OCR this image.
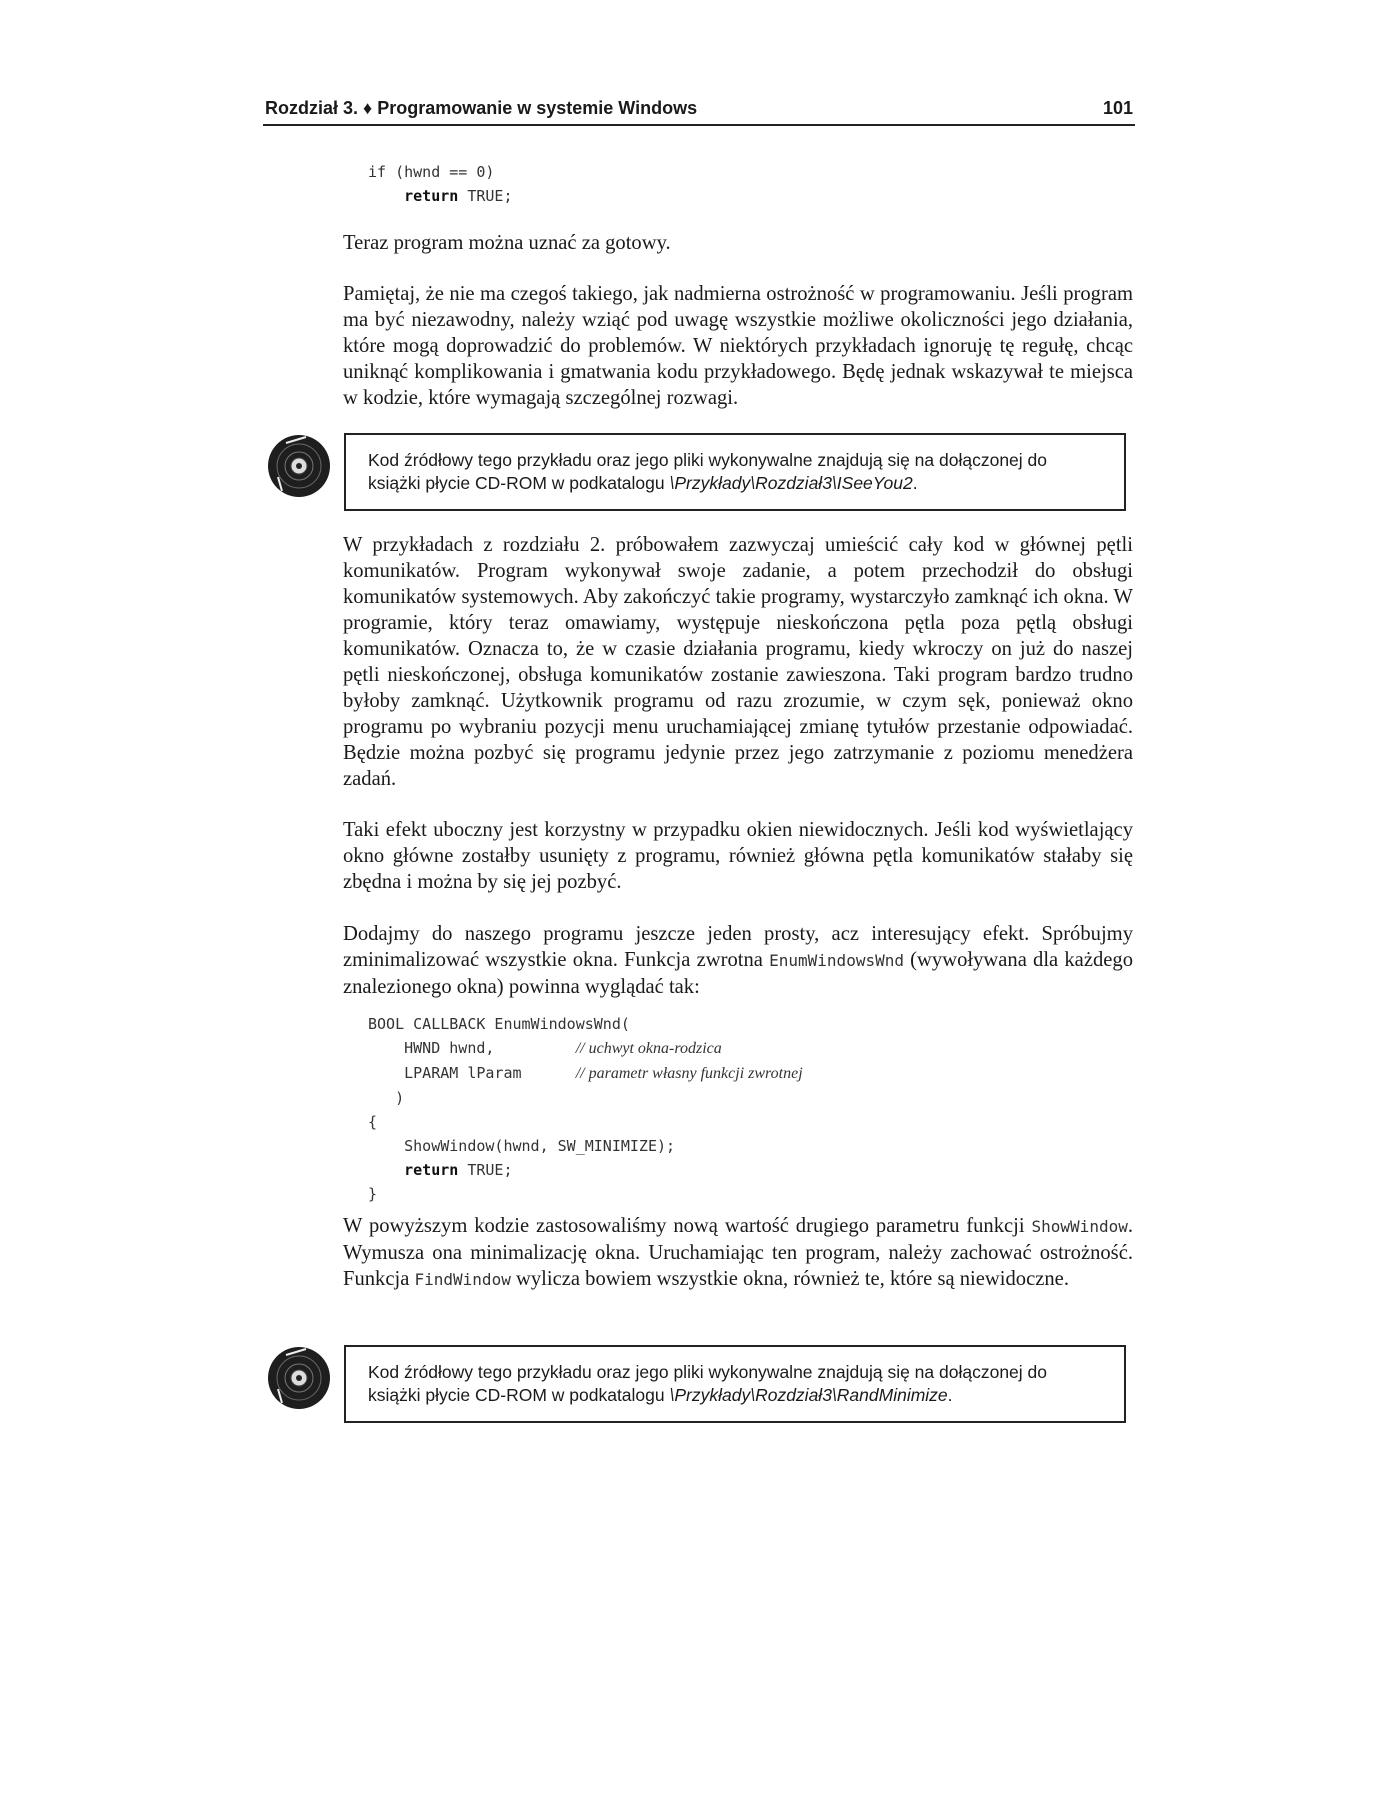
Rozdział 3. ♦ Programowanie w systemie Windows	101
if (hwnd == 0)
return TRUE;
Teraz program można uznać za gotowy.
Pamiętaj, że nie ma czegoś takiego, jak nadmierna ostrożność w programowaniu. Jeśli program ma być niezawodny, należy wziąć pod uwagę wszystkie możliwe okoliczności jego działania, które mogą doprowadzić do problemów. W niektórych przykładach ignoruję tę regułę, chcąc uniknąć komplikowania i gmatwania kodu przykładowego. Będę jednak wskazywał te miejsca w kodzie, które wymagają szczególnej rozwagi.
Kod źródłowy tego przykładu oraz jego pliki wykonywalne znajdują się na dołączonej do książki płycie CD-ROM w podkatalogu \Przykłady\Rozdział3\ISeeYou2.
W przykładach z rozdziału 2. próbowałem zazwyczaj umieścić cały kod w głównej pętli komunikatów. Program wykonywał swoje zadanie, a potem przechodził do obsługi komunikatów systemowych. Aby zakończyć takie programy, wystarczyło zamknąć ich okna. W programie, który teraz omawiamy, występuje nieskończona pętla poza pętlą obsługi komunikatów. Oznacza to, że w czasie działania programu, kiedy wkroczy on już do naszej pętli nieskończonej, obsługa komunikatów zostanie zawieszona. Taki program bardzo trudno byłoby zamknąć. Użytkownik programu od razu zrozumie, w czym sęk, ponieważ okno programu po wybraniu pozycji menu uruchamiającej zmianę tytułów przestanie odpowiadać. Będzie można pozbyć się programu jedynie przez jego zatrzymanie z poziomu menedżera zadań.
Taki efekt uboczny jest korzystny w przypadku okien niewidocznych. Jeśli kod wyświetlający okno główne zostałby usunięty z programu, również główna pętla komunikatów stałaby się zbędna i można by się jej pozbyć.
Dodajmy do naszego programu jeszcze jeden prosty, acz interesujący efekt. Spróbujmy zminimalizować wszystkie okna. Funkcja zwrotna EnumWindowsWnd (wywoływana dla każdego znalezionego okna) powinna wyglądać tak:
BOOL CALLBACK EnumWindowsWnd(
HWND hwnd,         // uchwyt okna-rodzica
LPARAM lParam      // parametr własny funkcji zwrotnej
)
{
ShowWindow(hwnd, SW_MINIMIZE);
return TRUE;
}
W powyższym kodzie zastosowaliśmy nową wartość drugiego parametru funkcji ShowWindow. Wymusza ona minimalizację okna. Uruchamiając ten program, należy zachować ostrożność. Funkcja FindWindow wylicza bowiem wszystkie okna, również te, które są niewidoczne.
Kod źródłowy tego przykładu oraz jego pliki wykonywalne znajdują się na dołączonej do książki płycie CD-ROM w podkatalogu \Przykłady\Rozdział3\RandMinimize.
